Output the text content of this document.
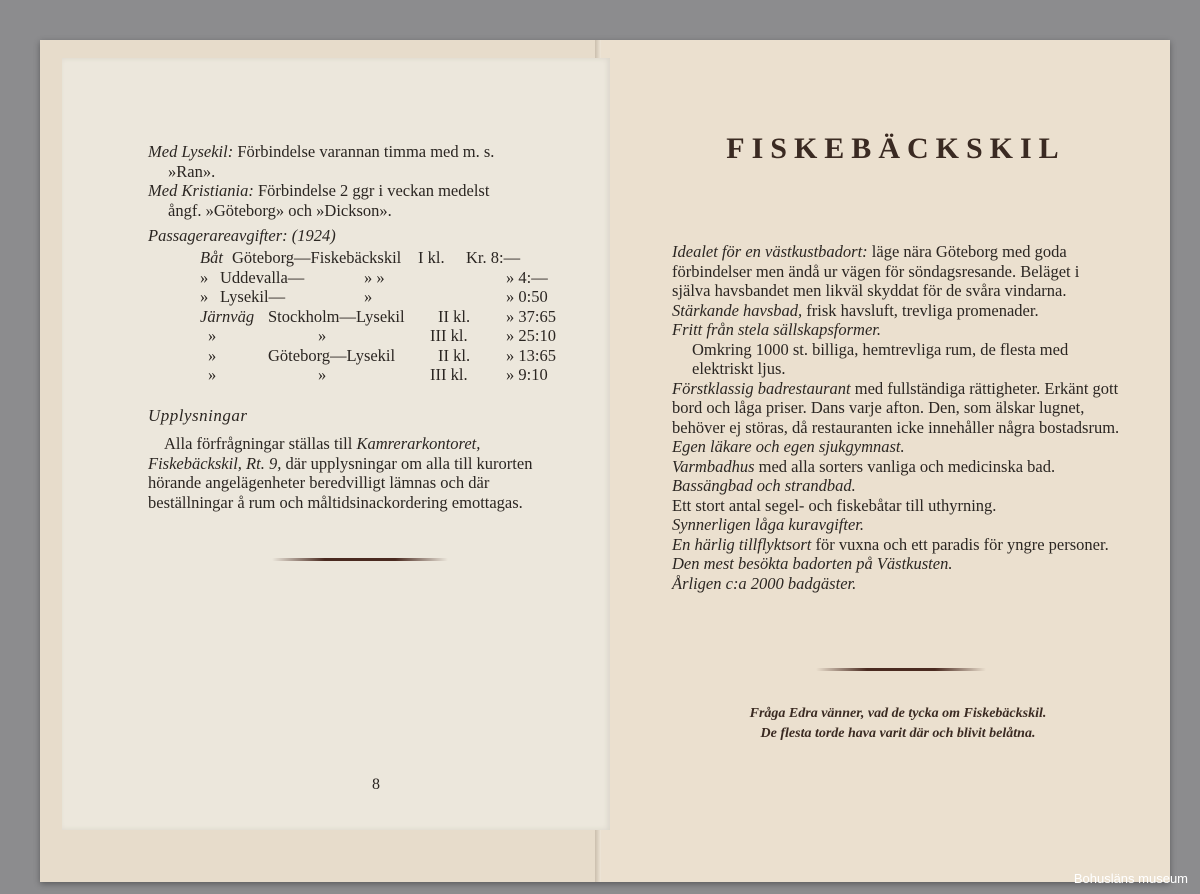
FISKEBÄCKSKIL

Idealet för en västkustbadort: läge nära Göteborg med goda förbindelser men ändå ur vägen för söndagsresande. Beläget i själva havsbandet men likväl skyddat för de svåra vindarna.

Stärkande havsbad, frisk havsluft, trevliga promenader.

Fritt från stela sällskapsformer.

Omkring 1000 st. billiga, hemtrevliga rum, de flesta med elektriskt ljus.

Förstklassig badrestaurant med fullständiga rättigheter. Erkänt gott bord och låga priser. Dans varje afton. Den, som älskar lugnet, behöver ej störas, då restauranten icke innehåller några bostadsrum.

Egen läkare och egen sjukgymnast.

Varmbadhus med alla sorters vanliga och medicinska bad.

Bassängbad och strandbad.

Ett stort antal segel- och fiskebåtar till uthyrning.

Synnerligen låga kuravgifter.

En härlig tillflyktsort för vuxna och ett paradis för yngre personer.

Den mest besökta badorten på Västkusten.

Årligen c:a 2000 badgäster.

Fråga Edra vänner, vad de tycka om Fiskebäckskil.
De flesta torde hava varit där och blivit belåtna.
Med Lysekil: Förbindelse varannan timma med m. s.
»Ran».
Med Kristiania: Förbindelse 2 ggr i veckan medelst
ångf. »Göteborg» och »Dickson».
Passagerareavgifter: (1924)
Båt Göteborg—Fiskebäckskil I kl. Kr. 8:—
» Uddevalla—	» »	» 4:—
» Lysekil—	»	» 0:50
Järnväg Stockholm—Lysekil II kl. » 37:65
»	»	III kl. » 25:10
»	Göteborg—Lysekil	II kl. » 13:65
»	»	III kl. » 9:10
Upplysningar
Alla förfrågningar ställas till Kamrerarkontoret, Fiskebäckskil, Rt. 9, där upplysningar om alla till kurorten hörande angelägenheter beredvilligt lämnas och där beställningar å rum och måltidsinackordering emottagas.
8
Bohusläns museum
